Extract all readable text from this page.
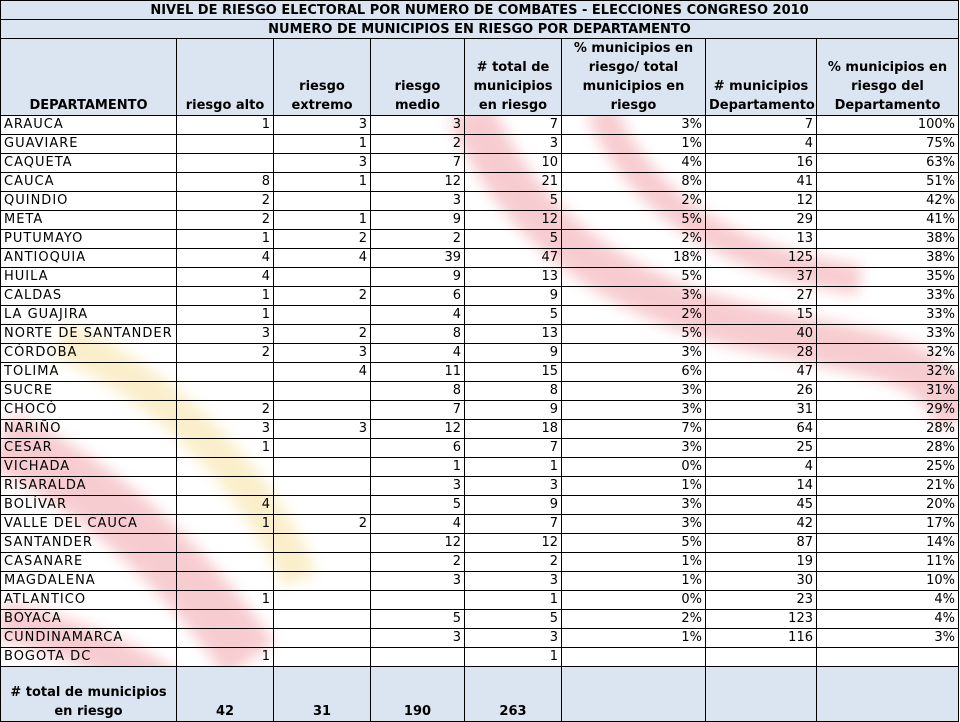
NIVEL DE RIESGO ELECTORAL POR NUMERO DE COMBATES - ELECCIONES CONGRESO 2010							
NUMERO DE MUNICIPIOS EN RIESGO POR DEPARTAMENTO							
DEPARTAMENTO	riesgo alto	riesgo extremo	riesgo medio	# total de municipios en riesgo	% municipios en riesgo/ total municipios en riesgo	# municipios Departamento	% municipios en riesgo del Departamento
ARAUCA	1	3	3	7	3%	7	100%
GUAVIARE		1	2	3	1%	4	75%
CAQUETA		3	7	10	4%	16	63%
CAUCA	8	1	12	21	8%	41	51%
QUINDIO	2		3	5	2%	12	42%
META	2	1	9	12	5%	29	41%
PUTUMAYO	1	2	2	5	2%	13	38%
ANTIOQUIA	4	4	39	47	18%	125	38%
HUILA	4		9	13	5%	37	35%
CALDAS	1	2	6	9	3%	27	33%
LA GUAJIRA	1		4	5	2%	15	33%
NORTE DE SANTANDER	3	2	8	13	5%	40	33%
CÓRDOBA	2	3	4	9	3%	28	32%
TOLIMA		4	11	15	6%	47	32%
SUCRE			8	8	3%	26	31%
CHOCÓ	2		7	9	3%	31	29%
NARIÑO	3	3	12	18	7%	64	28%
CESAR	1		6	7	3%	25	28%
VICHADA			1	1	0%	4	25%
RISARALDA			3	3	1%	14	21%
BOLÍVAR	4		5	9	3%	45	20%
VALLE DEL CAUCA	1	2	4	7	3%	42	17%
SANTANDER			12	12	5%	87	14%
CASANARE			2	2	1%	19	11%
MAGDALENA			3	3	1%	30	10%
ATLANTICO	1			1	0%	23	4%
BOYACA			5	5	2%	123	4%
CUNDINAMARCA			3	3	1%	116	3%
BOGOTA DC	1			1			
# total de municipios en riesgo	42	31	190	263			
